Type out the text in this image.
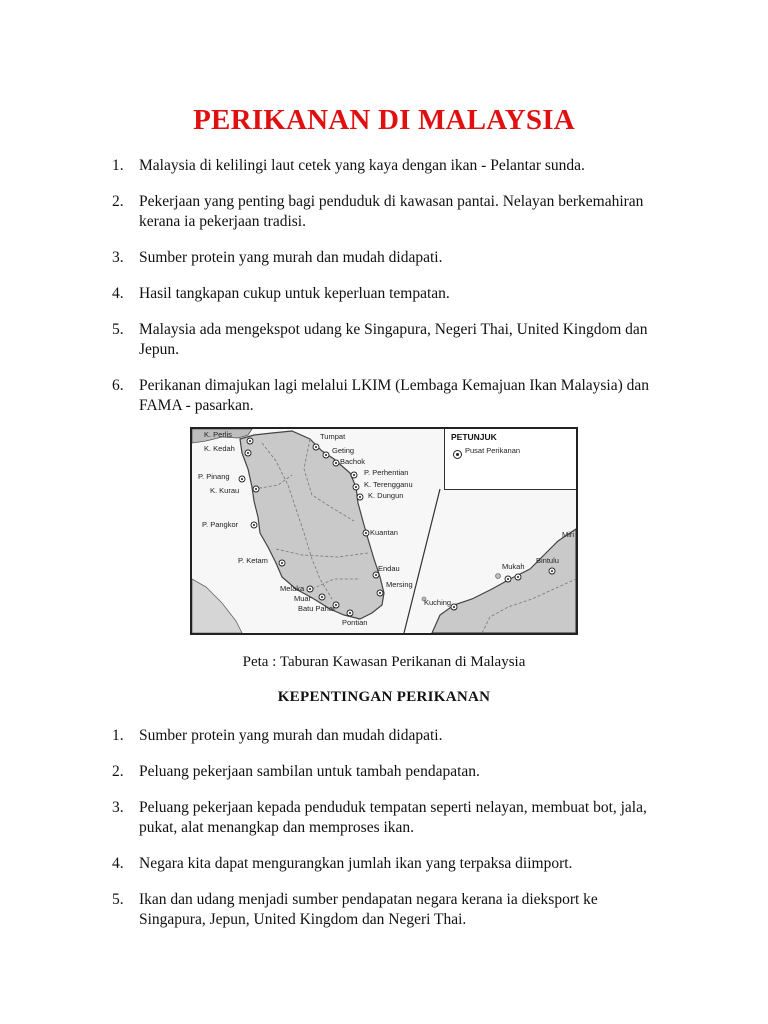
PERIKANAN DI MALAYSIA
1. Malaysia di kelilingi laut cetek yang kaya dengan ikan - Pelantar sunda.
2. Pekerjaan yang penting bagi penduduk di kawasan pantai. Nelayan berkemahiran kerana ia pekerjaan tradisi.
3. Sumber protein yang murah dan mudah didapati.
4. Hasil tangkapan cukup untuk keperluan tempatan.
5. Malaysia ada mengekspot udang ke Singapura, Negeri Thai, United Kingdom dan Jepun.
6. Perikanan dimajukan lagi melalui LKIM (Lembaga Kemajuan Ikan Malaysia) dan FAMA - pasarkan.
PETUNJUK
Pusat Perikanan
K. Perlis
K. Kedah
P. Pinang
K. Kurau
P. Pangkor
P. Ketam
Melaka
Muar
Batu Pahat
Pontian
Tumpat
Geting
Bachok
P. Perhentian
K. Terengganu
K. Dungun
Kuantan
Endau
Mersing
Kuching
Mukah
Bintulu
Miri
Peta : Taburan Kawasan Perikanan di Malaysia
KEPENTINGAN PERIKANAN
1. Sumber protein yang murah dan mudah didapati.
2. Peluang pekerjaan sambilan untuk tambah pendapatan.
3. Peluang pekerjaan kepada penduduk tempatan seperti nelayan, membuat bot, jala, pukat, alat menangkap dan memproses ikan.
4. Negara kita dapat mengurangkan jumlah ikan yang terpaksa diimport.
5. Ikan dan udang menjadi sumber pendapatan negara kerana ia dieksport ke Singapura, Jepun, United Kingdom dan Negeri Thai.
